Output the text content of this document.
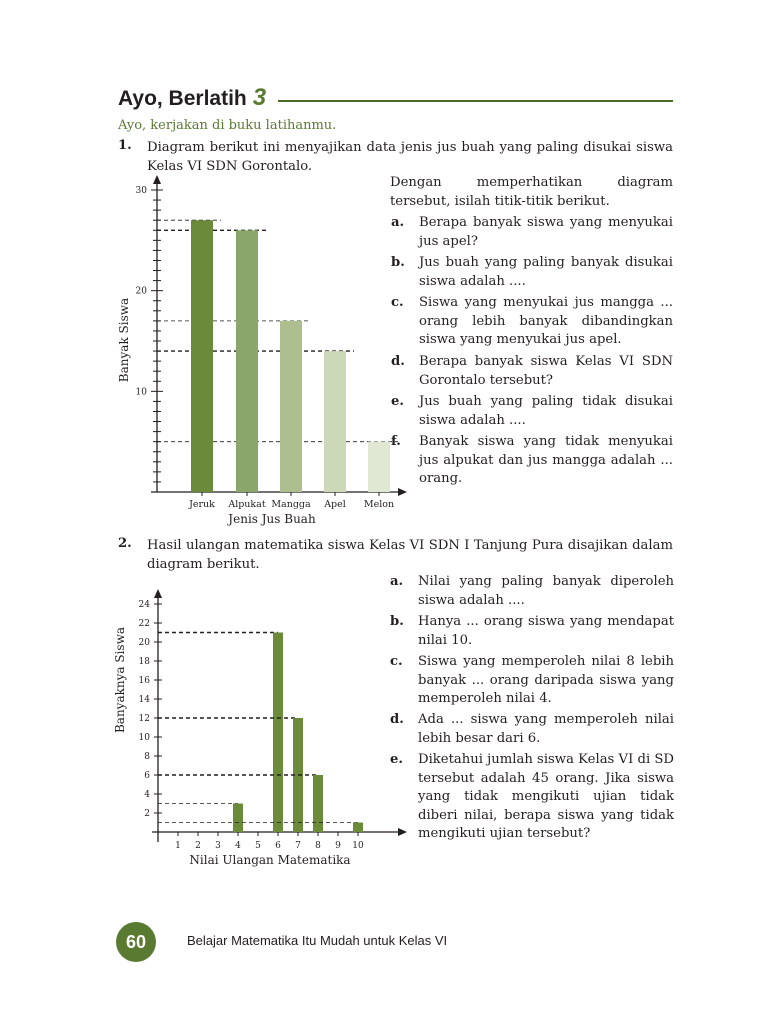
Ayo, Berlatih 3
Ayo, kerjakan di buku latihanmu.
1. Diagram berikut ini menyajikan data jenis jus buah yang paling disukai siswa Kelas VI SDN Gorontalo.
10
20
30
Jeruk Alpukat Mangga Apel Melon
Jenis Jus Buah
Banyak Siswa
Dengan memperhatikan diagram tersebut, isilah titik-titik berikut.
a. Berapa banyak siswa yang menyukai jus apel?
b. Jus buah yang paling banyak disukai siswa adalah ....
c. Siswa yang menyukai jus mangga ... orang lebih banyak dibandingkan siswa yang menyukai jus apel.
d. Berapa banyak siswa Kelas VI SDN Gorontalo tersebut?
e. Jus buah yang paling tidak disukai siswa adalah ....
f. Banyak siswa yang tidak menyukai jus alpukat dan jus mangga adalah ... orang.
2. Hasil ulangan matematika siswa Kelas VI SDN I Tanjung Pura disajikan dalam diagram berikut.
2
4
6
8
10
12
14
16
18
20
22
24
1 2 3 4 5 6 7 8 9 10
Nilai Ulangan Matematika
Banyaknya Siswa
a. Nilai yang paling banyak diperoleh siswa adalah ....
b. Hanya ... orang siswa yang mendapat nilai 10.
c. Siswa yang memperoleh nilai 8 lebih banyak ... orang daripada siswa yang memperoleh nilai 4.
d. Ada ... siswa yang memperoleh nilai lebih besar dari 6.
e. Diketahui jumlah siswa Kelas VI di SD tersebut adalah 45 orang. Jika siswa yang tidak mengikuti ujian tidak diberi nilai, berapa siswa yang tidak mengikuti ujian tersebut?
60	Belajar Matematika Itu Mudah untuk Kelas VI
